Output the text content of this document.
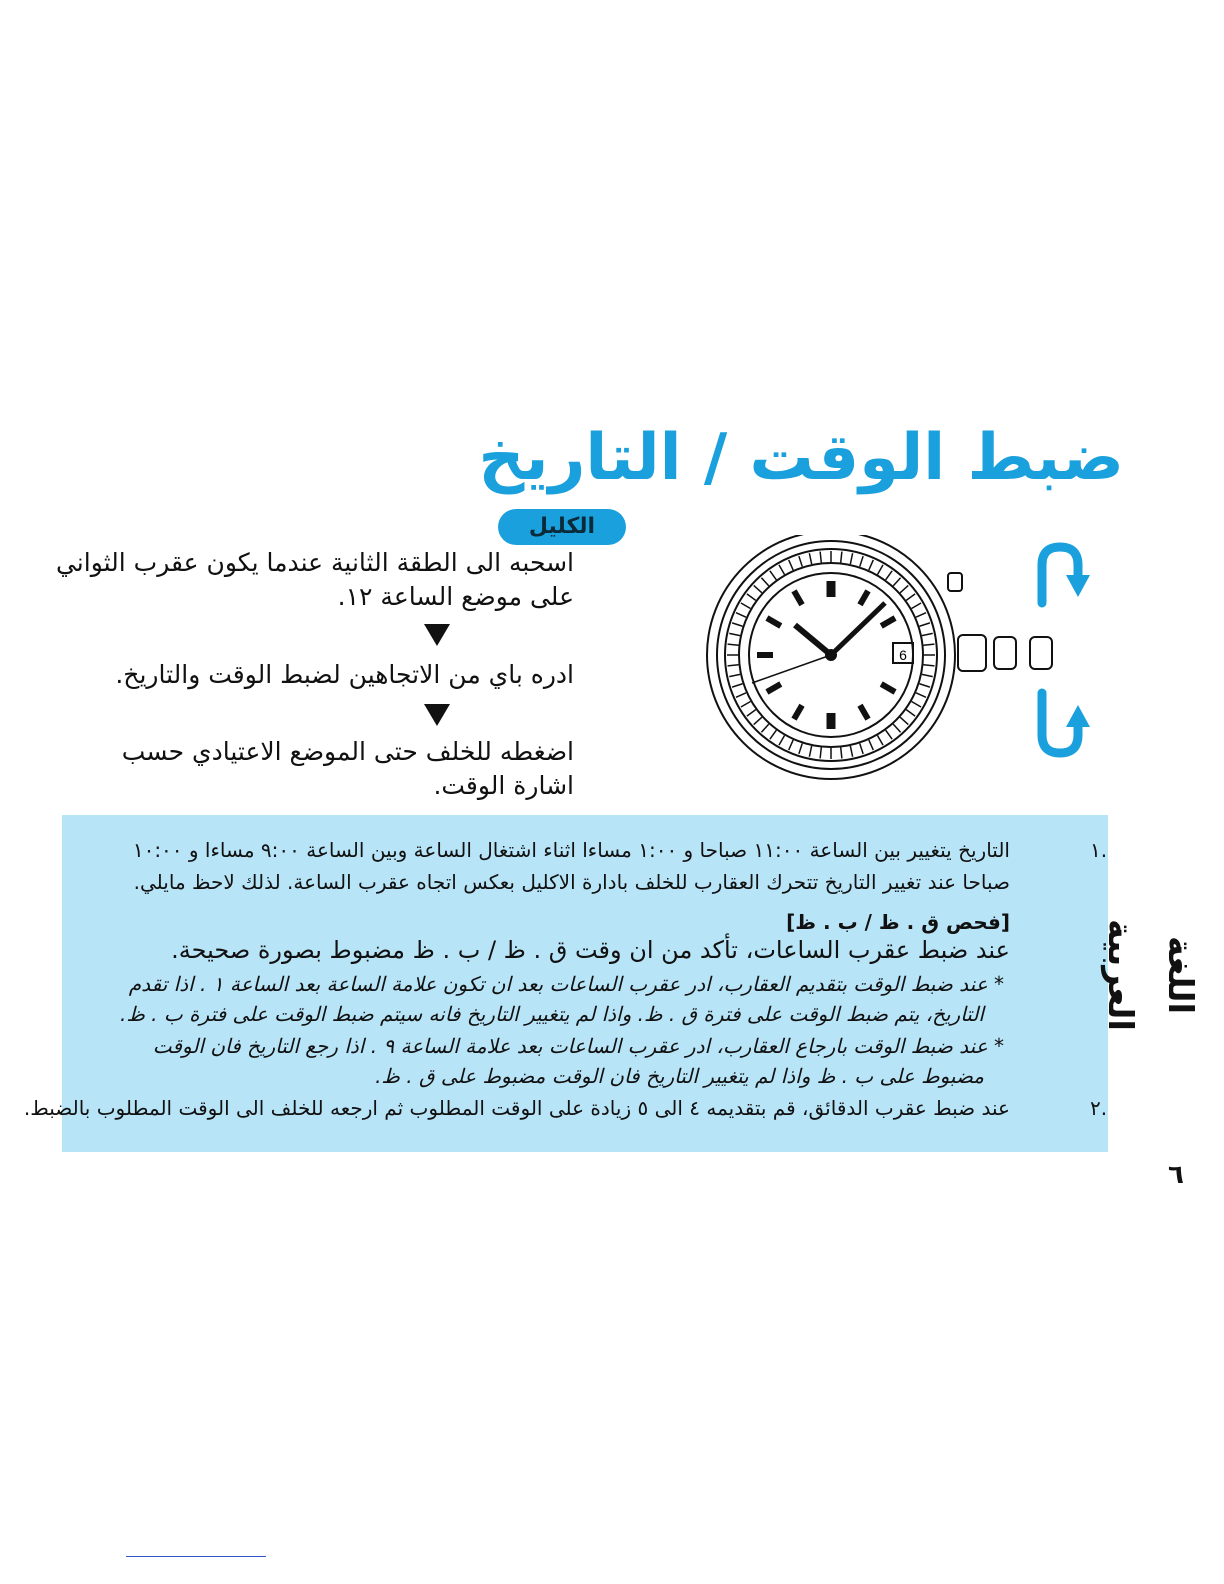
ضبط الوقت / التاريخ
الكليل
اسحبه الى الطقة الثانية عندما يكون عقرب الثواني على موضع الساعة ١٢.
ادره باي من الاتجاهين لضبط الوقت والتاريخ.
اضغطه للخلف حتى الموضع الاعتيادي حسب اشارة الوقت.
6
.١
التاريخ يتغيير بين الساعة ١١:٠٠ صباحا و ١:٠٠ مساءا اثناء اشتغال الساعة وبين الساعة ٩:٠٠ مساءا و ١٠:٠٠
صباحا عند تغيير التاريخ تتحرك العقارب للخلف بادارة الاكليل بعكس اتجاه عقرب الساعة. لذلك لاحظ مايلي.
[فحص ق . ظ / ب . ظ]
عند ضبط عقرب الساعات، تأكد من ان وقت ق . ظ / ب . ظ مضبوط بصورة صحيحة.
* عند ضبط الوقت بتقديم العقارب، ادر عقرب الساعات بعد ان تكون علامة الساعة بعد الساعة ١ . اذا تقدم
التاريخ، يتم ضبط الوقت على فترة ق . ظ. واذا لم يتغيير التاريخ فانه سيتم ضبط الوقت على فترة ب . ظ.
* عند ضبط الوقت بارجاع العقارب، ادر عقرب الساعات بعد علامة الساعة ٩ . اذا رجع التاريخ فان الوقت
مضبوط على ب . ظ واذا لم يتغيير التاريخ فان الوقت مضبوط على ق . ظ.
.٢
عند ضبط عقرب الدقائق، قم بتقديمه ٤ الى ٥ زيادة على الوقت المطلوب ثم ارجعه للخلف الى الوقت المطلوب بالضبط.
اللغة العربية
٦
